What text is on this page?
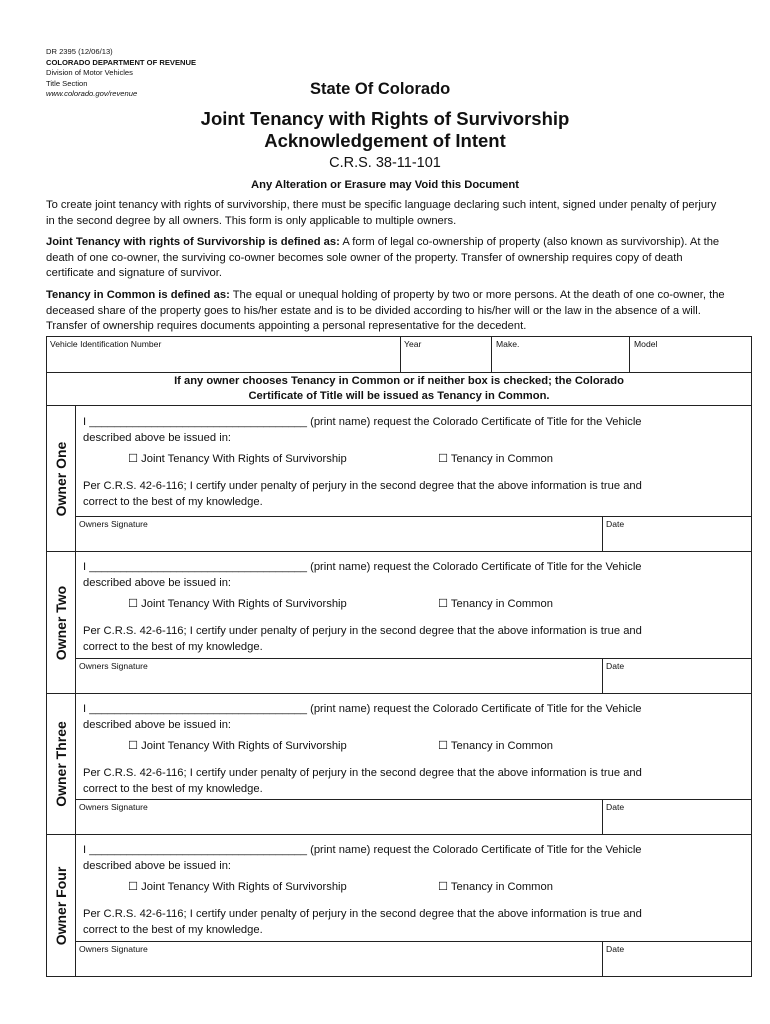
DR 2395 (12/06/13)
COLORADO DEPARTMENT OF REVENUE
Division of Motor Vehicles
Title Section
www.colorado.gov/revenue	State Of Colorado
Joint Tenancy with Rights of Survivorship
Acknowledgement of Intent
C.R.S. 38-11-101
Any Alteration or Erasure may Void this Document
To create joint tenancy with rights of survivorship, there must be specific language declaring such intent, signed under penalty of perjury in the second degree by all owners. This form is only applicable to multiple owners.
Joint Tenancy with rights of Survivorship is defined as: A form of legal co-ownership of property (also known as survivorship). At the death of one co-owner, the surviving co-owner becomes sole owner of the property. Transfer of ownership requires copy of death certificate and signature of survivor.
Tenancy in Common is defined as: The equal or unequal holding of property by two or more persons. At the death of one co-owner, the deceased share of the property goes to his/her estate and is to be divided according to his/her will or the law in the absence of a will. Transfer of ownership requires documents appointing a personal representative for the decedent.
Vehicle Identification Number	Year	Make.	Model
If any owner chooses Tenancy in Common or if neither box is checked; the Colorado
Certificate of Title will be issued as Tenancy in Common.
Owner One
I ___________________________________ (print name) request the Colorado Certificate of Title for the Vehicle
described above be issued in:
☐ Joint Tenancy With Rights of Survivorship	☐ Tenancy in Common
Per C.R.S. 42-6-116; I certify under penalty of perjury in the second degree that the above information is true and
correct to the best of my knowledge.
Owners Signature	Date
Owner Two
I ___________________________________ (print name) request the Colorado Certificate of Title for the Vehicle
described above be issued in:
☐ Joint Tenancy With Rights of Survivorship	☐ Tenancy in Common
Per C.R.S. 42-6-116; I certify under penalty of perjury in the second degree that the above information is true and
correct to the best of my knowledge.
Owners Signature	Date
Owner Three
I ___________________________________ (print name) request the Colorado Certificate of Title for the Vehicle
described above be issued in:
☐ Joint Tenancy With Rights of Survivorship	☐ Tenancy in Common
Per C.R.S. 42-6-116; I certify under penalty of perjury in the second degree that the above information is true and
correct to the best of my knowledge.
Owners Signature	Date
Owner Four
I ___________________________________ (print name) request the Colorado Certificate of Title for the Vehicle
described above be issued in:
☐ Joint Tenancy With Rights of Survivorship	☐ Tenancy in Common
Per C.R.S. 42-6-116; I certify under penalty of perjury in the second degree that the above information is true and
correct to the best of my knowledge.
Owners Signature	Date
